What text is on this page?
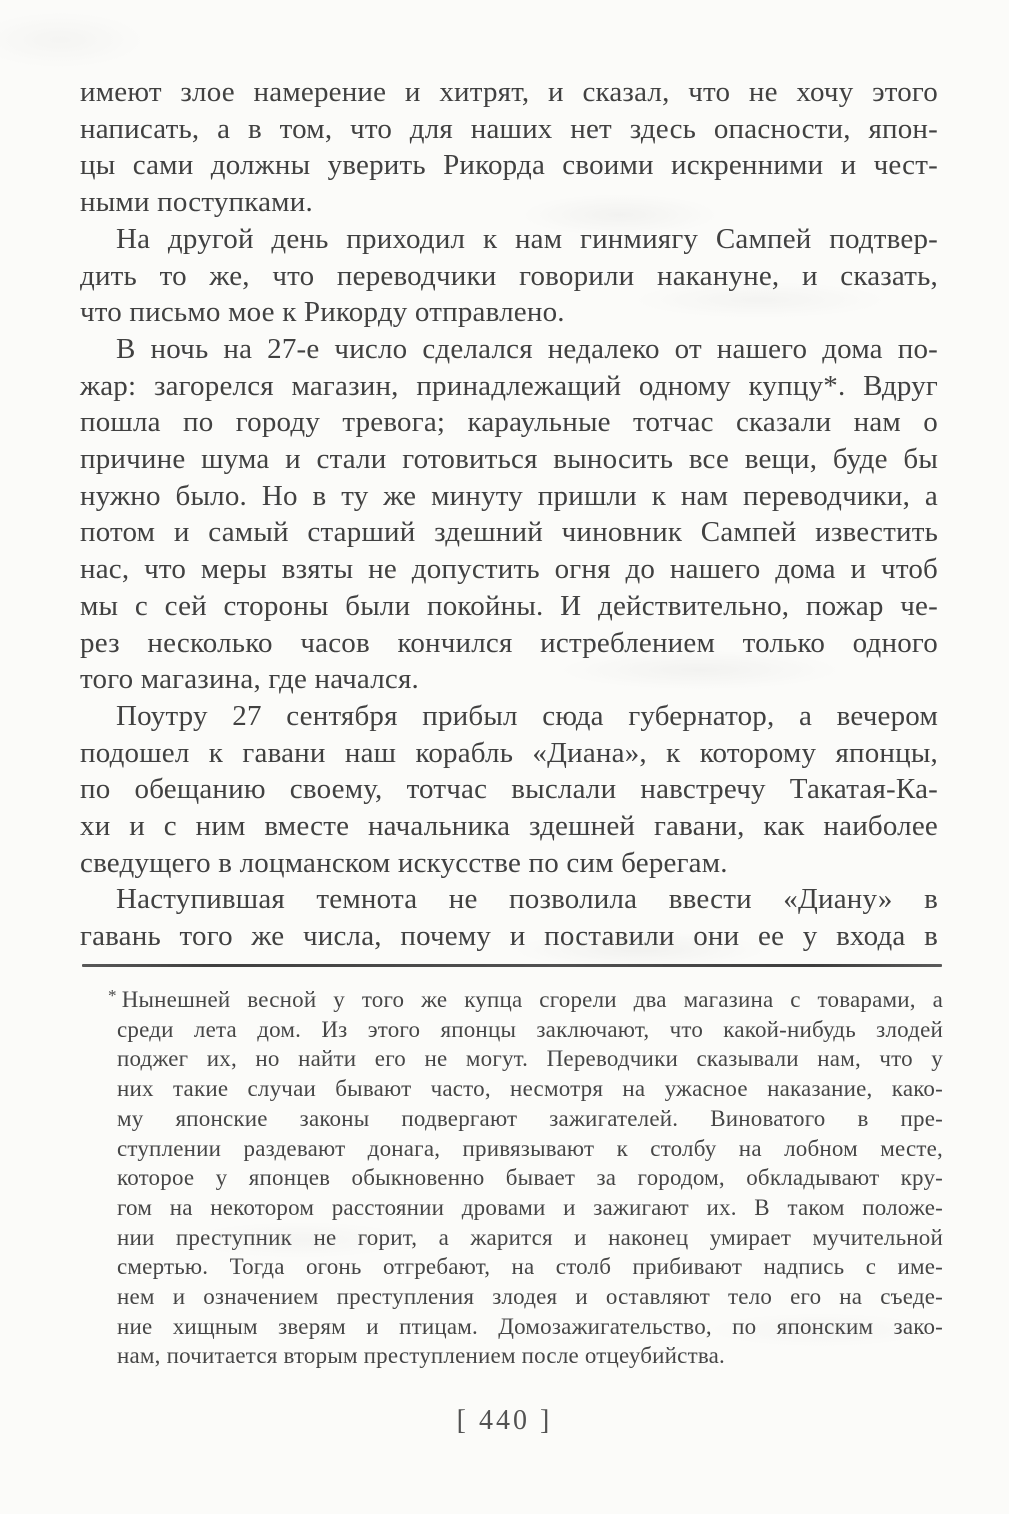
имеют злое намерение и хитрят, и сказал, что не хочу этого
написать, а в том, что для наших нет здесь опасности, япон-
цы сами должны уверить Рикорда своими искренними и чест-
ными поступками.
На другой день приходил к нам гинмиягу Сампей подтвер-
дить то же, что переводчики говорили накануне, и сказать,
что письмо мое к Рикорду отправлено.
В ночь на 27-е число сделался недалеко от нашего дома по-
жар: загорелся магазин, принадлежащий одному купцу*. Вдруг
пошла по городу тревога; караульные тотчас сказали нам о
причине шума и стали готовиться выносить все вещи, буде бы
нужно было. Но в ту же минуту пришли к нам переводчики, а
потом и самый старший здешний чиновник Сампей известить
нас, что меры взяты не допустить огня до нашего дома и чтоб
мы с сей стороны были покойны. И действительно, пожар че-
рез несколько часов кончился истреблением только одного
того магазина, где начался.
Поутру 27 сентября прибыл сюда губернатор, а вечером
подошел к гавани наш корабль «Диана», к которому японцы,
по обещанию своему, тотчас выслали навстречу Такатая-Ка-
хи и с ним вместе начальника здешней гавани, как наиболее
сведущего в лоцманском искусстве по сим берегам.
Наступившая темнота не позволила ввести «Диану» в
гавань того же числа, почему и поставили они ее у входа в
* Нынешней весной у того же купца сгорели два магазина с товарами, а
среди лета дом. Из этого японцы заключают, что какой-нибудь злодей
поджег их, но найти его не могут. Переводчики сказывали нам, что у
них такие случаи бывают часто, несмотря на ужасное наказание, како-
му японские законы подвергают зажигателей. Виноватого в пре-
ступлении раздевают донага, привязывают к столбу на лобном месте,
которое у японцев обыкновенно бывает за городом, обкладывают кру-
гом на некотором расстоянии дровами и зажигают их. В таком положе-
нии преступник не горит, а жарится и наконец умирает мучительной
смертью. Тогда огонь отгребают, на столб прибивают надпись с име-
нем и означением преступления злодея и оставляют тело его на съеде-
ние хищным зверям и птицам. Домозажигательство, по японским зако-
нам, почитается вторым преступлением после отцеубийства.
[ 440 ]
